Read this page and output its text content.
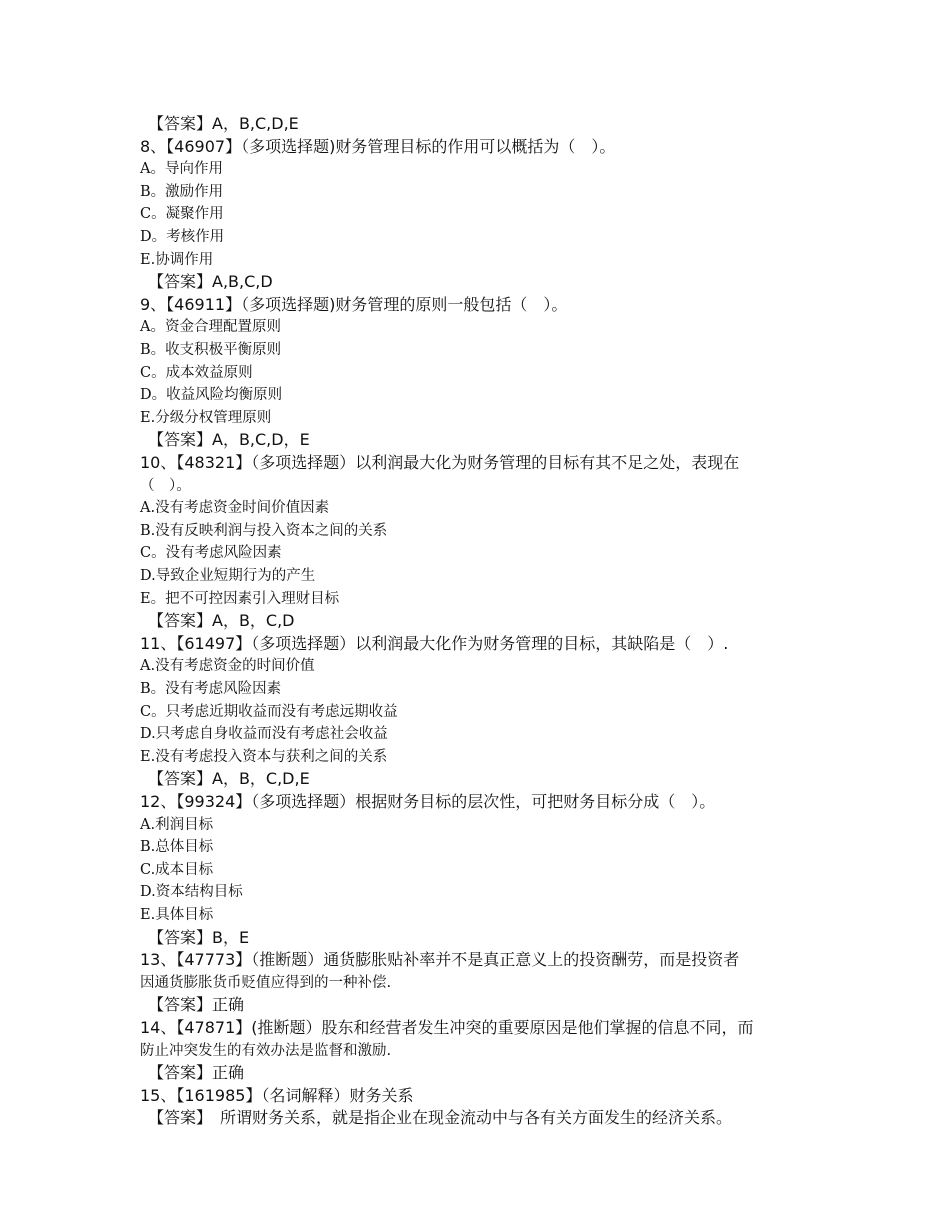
【答案】A，B,C,D,E
8、【46907】（多项选择题)财务管理目标的作用可以概括为（　）。
A。导向作用
B。激励作用
C。凝聚作用
D。考核作用
E.协调作用
【答案】A,B,C,D
9、【46911】（多项选择题)财务管理的原则一般包括（　）。
A。资金合理配置原则
B。收支积极平衡原则
C。成本效益原则
D。收益风险均衡原则
E.分级分权管理原则
【答案】A，B,C,D，E
10、【48321】（多项选择题）以利润最大化为财务管理的目标有其不足之处，表现在
（　）。
A.没有考虑资金时间价值因素
B.没有反映利润与投入资本之间的关系
C。没有考虑风险因素
D.导致企业短期行为的产生
E。把不可控因素引入理财目标
【答案】A，B，C,D
11、【61497】（多项选择题）以利润最大化作为财务管理的目标，其缺陷是（　）.
A.没有考虑资金的时间价值
B。没有考虑风险因素
C。只考虑近期收益而没有考虑远期收益
D.只考虑自身收益而没有考虑社会收益
E.没有考虑投入资本与获利之间的关系
【答案】A，B，C,D,E
12、【99324】（多项选择题）根据财务目标的层次性，可把财务目标分成（　）。
A.利润目标
B.总体目标
C.成本目标
D.资本结构目标
E.具体目标
【答案】B，E
13、【47773】（推断题）通货膨胀贴补率并不是真正意义上的投资酬劳，而是投资者
因通货膨胀货币贬值应得到的一种补偿.
【答案】正确
14、【47871】(推断题）股东和经营者发生冲突的重要原因是他们掌握的信息不同，而
防止冲突发生的有效办法是监督和激励.
【答案】正确
15、【161985】（名词解释）财务关系
【答案】　所谓财务关系，就是指企业在现金流动中与各有关方面发生的经济关系。
